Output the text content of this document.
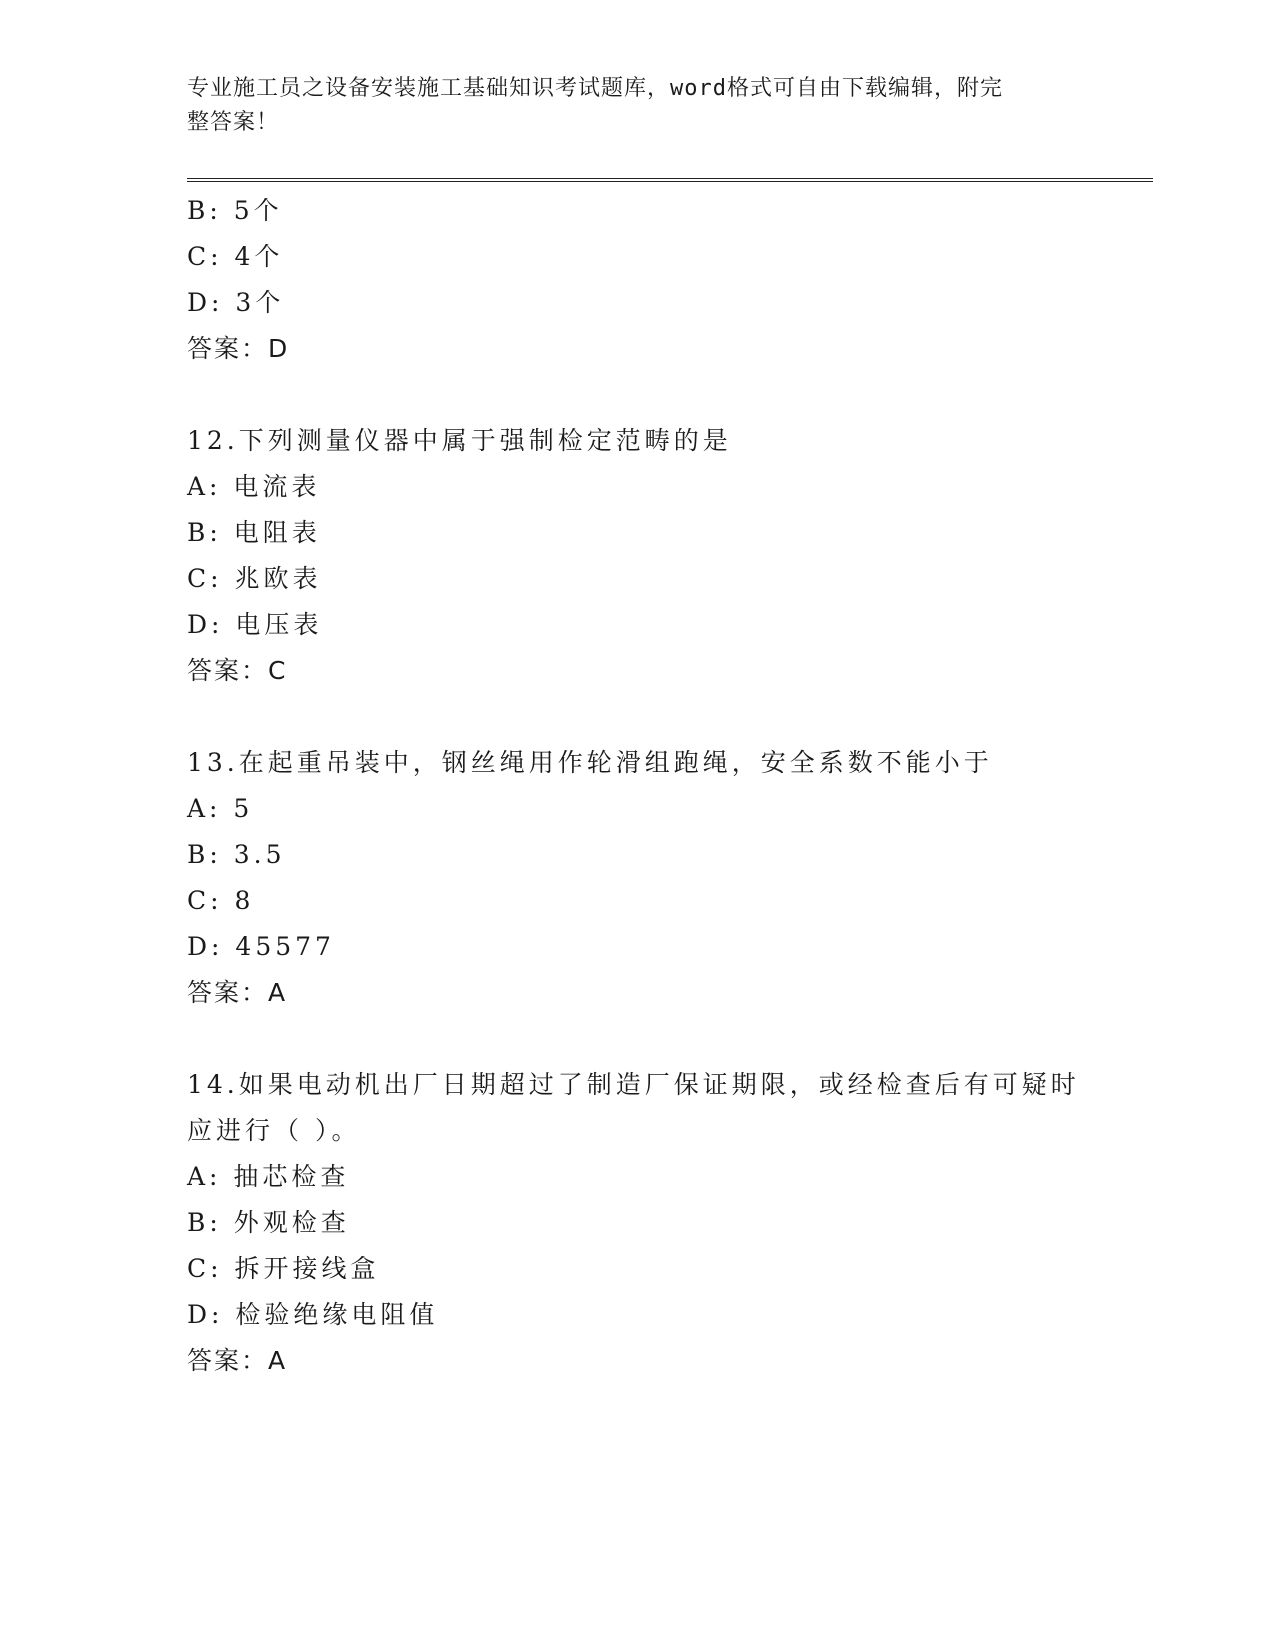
专业施工员之设备安装施工基础知识考试题库，word格式可自由下载编辑，附完
整答案！
B: 5个
C: 4个
D: 3个
答案：D
12.下列测量仪器中属于强制检定范畴的是
A: 电流表
B: 电阻表
C: 兆欧表
D: 电压表
答案：C
13.在起重吊装中，钢丝绳用作轮滑组跑绳，安全系数不能小于
A: 5
B: 3.5
C: 8
D: 45577
答案：A
14.如果电动机出厂日期超过了制造厂保证期限，或经检查后有可疑时
应进行（ ）。
A: 抽芯检查
B: 外观检查
C: 拆开接线盒
D: 检验绝缘电阻值
答案：A
